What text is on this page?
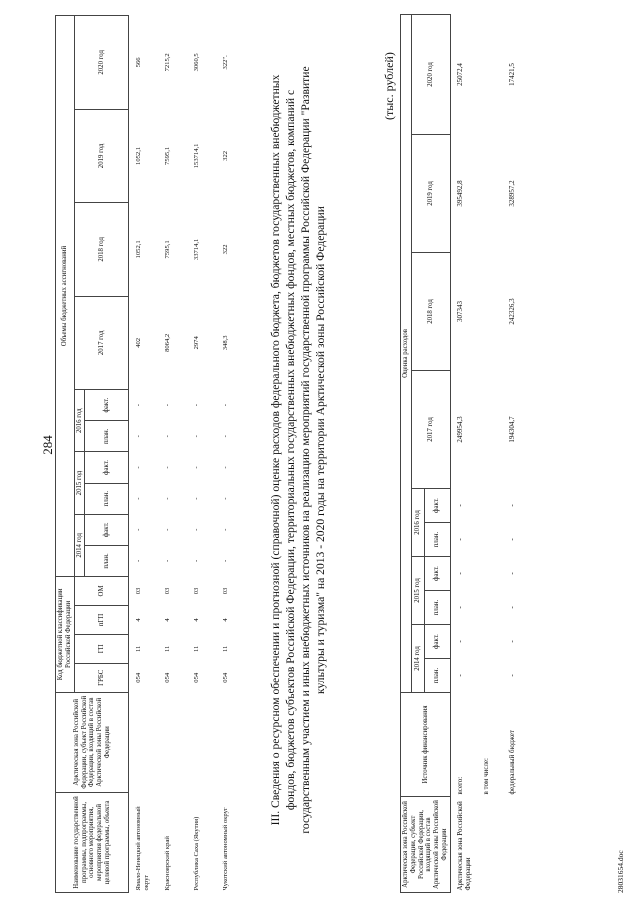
284
Наименование государственной программы, подпрограммы, основного мероприятия, мероприятия федеральной целевой программы, объекта	Арктическая зона Российской Федерации, субъект Российской Федерации, входящий в состав Арктической зоны Российской Федерации	Код бюджетной классификации Российской Федерации				Объемы бюджетных ассигнований									
		ГРБС	ГП	пГП	ОМ	2014 год		2015 год		2016 год		2017 год	2018 год	2019 год	2020 год
						план.	факт.	план.	факт.	план.	факт.				
Ямало-Ненецкий автономный округ		054	11	4	03	-	-	-	-	-	-	402	1052,1	1052,1	566
Красноярский край		054	11	4	03	-	-	-	-	-	-	8064,2	7595,1	7595,1	7215,2
Республика Саха (Якутия)		054	11	4	03	-	-	-	-	-	-	2974	33714,1	153714,1	3060,5
Чукотский автономный округ		054	11	4	03	-	-	-	-	-	-	348,3	322	322	322".
III. Сведения о ресурсном обеспечении и прогнозной (справочной) оценке расходов федерального бюджета, бюджетов государственных внебюджетных фондов, бюджетов субъектов Российской Федерации, территориальных государственных внебюджетных фондов, местных бюджетов, компаний с государственным участием и иных внебюджетных источников на реализацию мероприятий государственной программы Российской Федерации "Развитие культуры и туризма" на 2013 - 2020 годы на территории Арктической зоны Российской Федерации
(тыс. рублей)
Арктическая зона Российской Федерации, субъект Российской Федерации, входящий в состав Арктической зоны Российской Федерации	Источник финансирования	Оценка расходов									
		2014 год		2015 год		2016 год		2017 год	2018 год	2019 год	2020 год
		план.	факт.	план.	факт.	план.	факт.				
Арктическая зона Российской Федерации	всего:	-	-	-	-	-	-	249954,3	307343	395492,8	25072,4
	в том числе:										
	федеральный бюджет	-	-	-	-	-	-	194304,7	242326,3	328957,2	17421,5
28031654.doc
